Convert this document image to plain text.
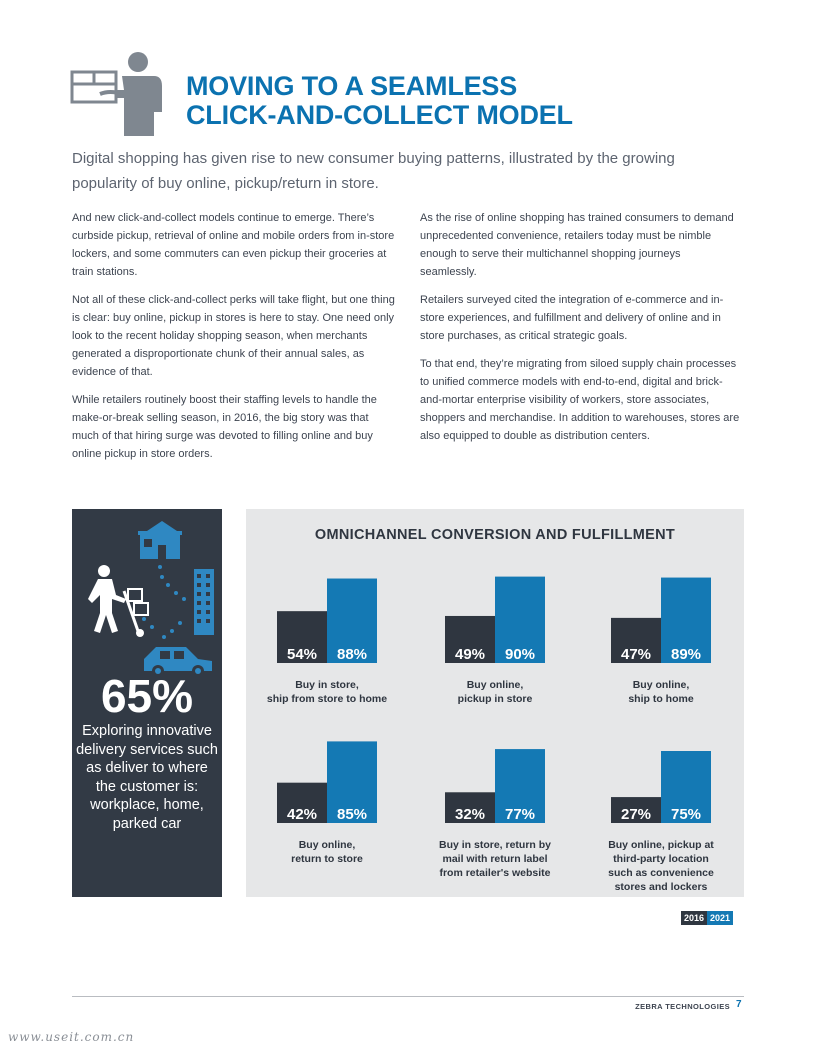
MOVING TO A SEAMLESS
CLICK-AND-COLLECT MODEL

Digital shopping has given rise to new consumer buying patterns, illustrated by the growing popularity of buy online, pickup/return in store.

And new click-and-collect models continue to emerge. There’s curbside pickup, retrieval of online and mobile orders from in-store lockers, and some commuters can even pickup their groceries at train stations.

Not all of these click-and-collect perks will take flight, but one thing is clear: buy online, pickup in stores is here to stay. One need only look to the recent holiday shopping season, when merchants generated a disproportionate chunk of their annual sales, as evidence of that.

While retailers routinely boost their staffing levels to handle the make-or-break selling season, in 2016, the big story was that much of that hiring surge was devoted to filling online and buy online pickup in store orders.

As the rise of online shopping has trained consumers to demand unprecedented convenience, retailers today must be nimble enough to serve their multichannel shopping journeys seamlessly.

Retailers surveyed cited the integration of e-commerce and in-store experiences, and fulfillment and delivery of online and in store purchases, as critical strategic goals.

To that end, they’re migrating from siloed supply chain processes to unified commerce models with end-to-end, digital and brick-and-mortar enterprise visibility of workers, store associates, shoppers and merchandise. In addition to warehouses, stores are also equipped to double as distribution centers.

65%
Exploring innovative delivery services such as deliver to where the customer is: workplace, home, parked car
OMNICHANNEL CONVERSION AND FULFILLMENT
54% 88%
Buy in store,
ship from store to home
49% 90%
Buy online,
pickup in store
47% 89%
Buy online,
ship to home
42% 85%
Buy online,
return to store
32% 77%
Buy in store, return by
mail with return label
from retailer's website
27% 75%
Buy online, pickup at
third-party location
such as convenience
stores and lockers
2016 2021
ZEBRA TECHNOLOGIES 7
www.useit.com.cn
